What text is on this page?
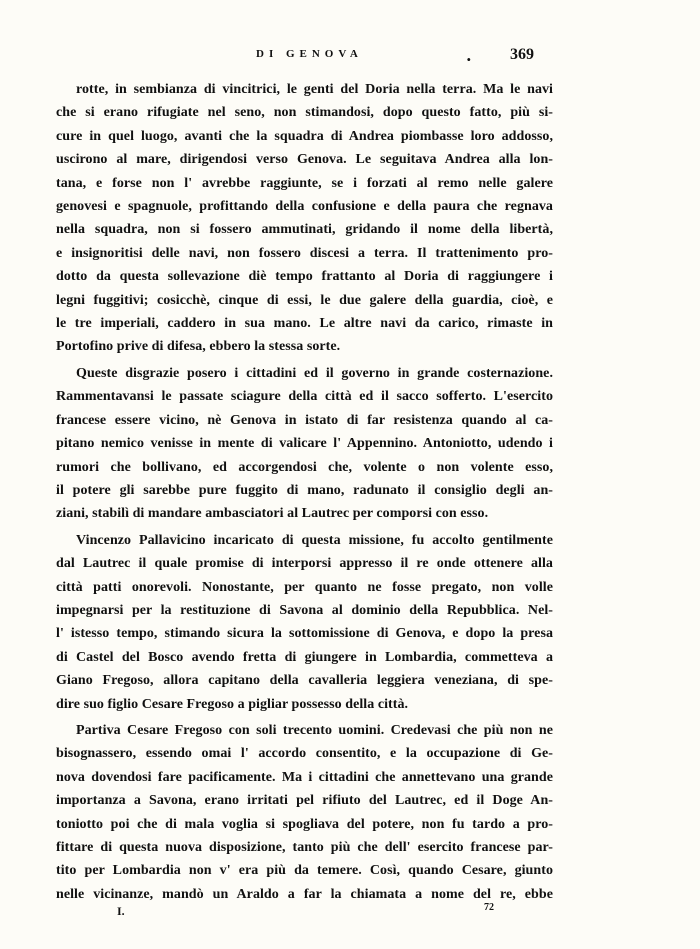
DI GENOVA	. 369
rotte, in sembianza di vincitrici, le genti del Doria nella terra. Ma le navi
che si erano rifugiate nel seno, non stimandosi, dopo questo fatto, più si-
cure in quel luogo, avanti che la squadra di Andrea piombasse loro addosso,
uscirono al mare, dirigendosi verso Genova. Le seguitava Andrea alla lon-
tana, e forse non l' avrebbe raggiunte, se i forzati al remo nelle galere
genovesi e spagnuole, profittando della confusione e della paura che regnava
nella squadra, non si fossero ammutinati, gridando il nome della libertà,
e insignoritisi delle navi, non fossero discesi a terra. Il trattenimento pro-
dotto da questa sollevazione diè tempo frattanto al Doria di raggiungere i
legni fuggitivi; cosicchè, cinque di essi, le due galere della guardia, cioè, e
le tre imperiali, caddero in sua mano. Le altre navi da carico, rimaste in
Portofino prive di difesa, ebbero la stessa sorte.
Queste disgrazie posero i cittadini ed il governo in grande costernazione.
Rammentavansi le passate sciagure della città ed il sacco sofferto. L'esercito
francese essere vicino, nè Genova in istato di far resistenza quando al ca-
pitano nemico venisse in mente di valicare l' Appennino. Antoniotto, udendo i
rumori che bollivano, ed accorgendosi che, volente o non volente esso,
il potere gli sarebbe pure fuggito di mano, radunato il consiglio degli an-
ziani, stabilì di mandare ambasciatori al Lautrec per comporsi con esso.
Vincenzo Pallavicino incaricato di questa missione, fu accolto gentilmente
dal Lautrec il quale promise di interporsi appresso il re onde ottenere alla
città patti onorevoli. Nonostante, per quanto ne fosse pregato, non volle
impegnarsi per la restituzione di Savona al dominio della Repubblica. Nel-
l' istesso tempo, stimando sicura la sottomissione di Genova, e dopo la presa
di Castel del Bosco avendo fretta di giungere in Lombardia, commetteva a
Giano Fregoso, allora capitano della cavalleria leggiera veneziana, di spe-
dire suo figlio Cesare Fregoso a pigliar possesso della città.
Partiva Cesare Fregoso con soli trecento uomini. Credevasi che più non ne
bisognassero, essendo omai l' accordo consentito, e la occupazione di Ge-
nova dovendosi fare pacificamente. Ma i cittadini che annettevano una grande
importanza a Savona, erano irritati pel rifiuto del Lautrec, ed il Doge An-
toniotto poi che di mala voglia si spogliava del potere, non fu tardo a pro-
fittare di questa nuova disposizione, tanto più che dell' esercito francese par-
tito per Lombardia non v' era più da temere. Così, quando Cesare, giunto
nelle vicinanze, mandò un Araldo a far la chiamata a nome del re, ebbe
I.	72
